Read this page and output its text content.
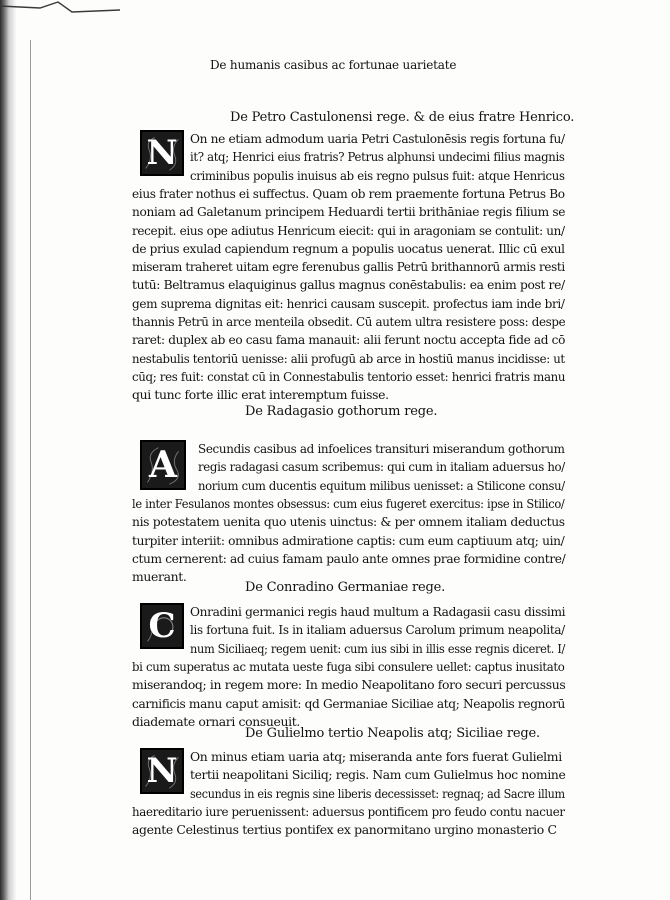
De humanis casibus ac fortunae uarietate
De Petro Castulonensi rege. & de eius fratre Henrico.
N On ne etiam admodum uaria Petri Castulonēsis regis fortuna fu/
it? atq; Henrici eius fratris? Petrus alphunsi undecimi filius magnis
criminibus populis inuisus ab eis regno pulsus fuit: atque Henricus
eius frater nothus ei suffectus. Quam ob rem praemente fortuna Petrus Bo
noniam ad Galetanum principem Heduardi tertii brithāniae regis filium se
recepit. eius ope adiutus Henricum eiecit: qui in aragoniam se contulit: un/
de prius exulad capiendum regnum a populis uocatus uenerat. Illic cū exul
miseram traheret uitam egre ferenubus gallis Petrū brithannorū armis resti
tutū: Beltramus elaquiginus gallus magnus conēstabulis: ea enim post re/
gem suprema dignitas eit: henrici causam suscepit. profectus iam inde bri/
thannis Petrū in arce menteila obsedit. Cū autem ultra resistere poss: despe
raret: duplex ab eo casu fama manauit: alii ferunt noctu accepta fide ad cō
nestabulis tentoriū uenisse: alii profugū ab arce in hostiū manus incidisse: ut
cūq; res fuit: constat cū in Connestabulis tentorio esset: henrici fratris manu
qui tunc forte illic erat interemptum fuisse.
De Radagasio gothorum rege.
A Secundis casibus ad infoelices transituri miserandum gothorum
regis radagasi casum scribemus: qui cum in italiam aduersus ho/
norium cum ducentis equitum milibus uenisset: a Stilicone consu/
le inter Fesulanos montes obsessus: cum eius fugeret exercitus: ipse in Stilico/
nis potestatem uenita quo utenis uinctus: & per omnem italiam deductus
turpiter interiit: omnibus admiratione captis: cum eum captiuum atq; uin/
ctum cernerent: ad cuius famam paulo ante omnes prae formidine contre/
muerant.
De Conradino Germaniae rege.
C Onradini germanici regis haud multum a Radagasii casu dissimi
lis fortuna fuit. Is in italiam aduersus Carolum primum neapolita/
num Siciliaeq; regem uenit: cum ius sibi in illis esse regnis diceret. I/
bi cum superatus ac mutata ueste fuga sibi consulere uellet: captus inusitato
miserandoq; in regem more: In medio Neapolitano foro securi percussus
carnificis manu caput amisit: qd Germaniae Siciliae atq; Neapolis regnorū
diademate ornari consueuit.
De Gulielmo tertio Neapolis atq; Siciliae rege.
N On minus etiam uaria atq; miseranda ante fors fuerat Gulielmi
tertii neapolitani Siciliq; regis. Nam cum Gulielmus hoc nomine
secundus in eis regnis sine liberis decessisset: regnaq; ad Sacre illum
haereditario iure peruenissent: aduersus pontificem pro feudo contu nacuer
agente Celestinus tertius pontifex ex panormitano urgino monasterio C
